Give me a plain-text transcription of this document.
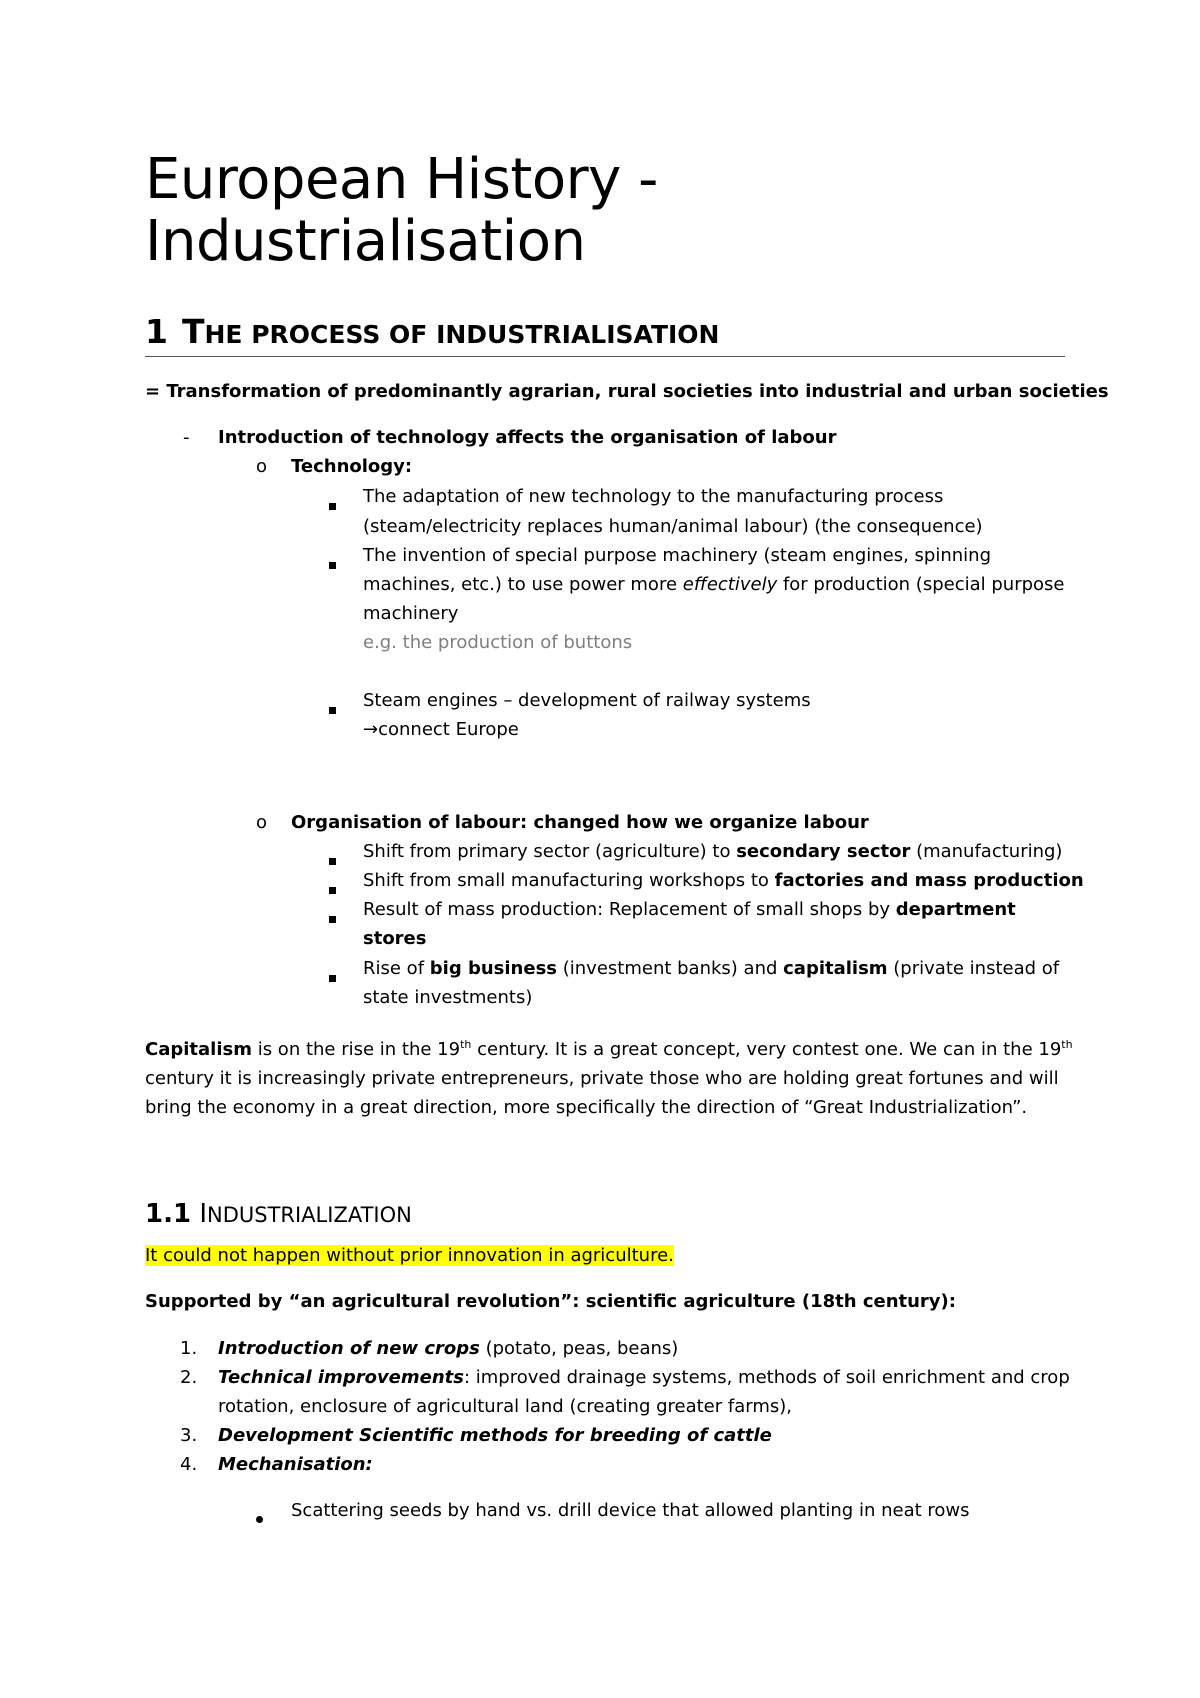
European History -
Industrialisation
1 THE PROCESS OF INDUSTRIALISATION
= Transformation of predominantly agrarian, rural societies into industrial and urban societies
- Introduction of technology affects the organisation of labour
o Technology:
The adaptation of new technology to the manufacturing process
(steam/electricity replaces human/animal labour) (the consequence)
The invention of special purpose machinery (steam engines, spinning
machines, etc.) to use power more effectively for production (special purpose
machinery
e.g. the production of buttons
Steam engines – development of railway systems
→connect Europe
o Organisation of labour: changed how we organize labour
Shift from primary sector (agriculture) to secondary sector (manufacturing)
Shift from small manufacturing workshops to factories and mass production
Result of mass production: Replacement of small shops by department
stores
Rise of big business (investment banks) and capitalism (private instead of
state investments)
Capitalism is on the rise in the 19th century. It is a great concept, very contest one. We can in the 19th
century it is increasingly private entrepreneurs, private those who are holding great fortunes and will
bring the economy in a great direction, more specifically the direction of “Great Industrialization”.
1.1 INDUSTRIALIZATION
It could not happen without prior innovation in agriculture.
Supported by “an agricultural revolution”: scientific agriculture (18th century):
1. Introduction of new crops (potato, peas, beans)
2. Technical improvements: improved drainage systems, methods of soil enrichment and crop
rotation, enclosure of agricultural land (creating greater farms),
3. Development Scientific methods for breeding of cattle
4. Mechanisation:
Scattering seeds by hand vs. drill device that allowed planting in neat rows
